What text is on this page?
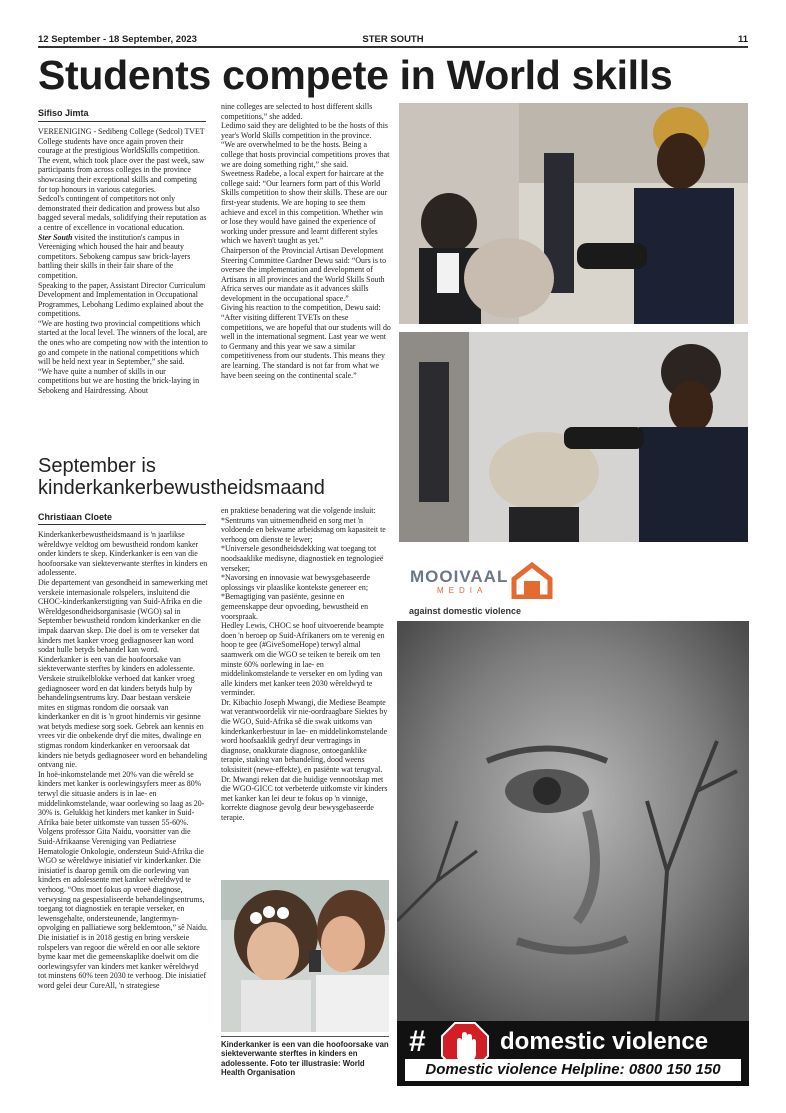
12 September - 18 September, 2023	STER SOUTH	11
Students compete in World skills
Sifiso Jimta

VEREENIGING - Sedibeng College (Sedcol) TVET College students have once again proven their courage at the prestigious WorldSkills competition.

The event, which took place over the past week, saw participants from across colleges in the province showcasing their exceptional skills and competing for top honours in various categories.

Sedcol's contingent of competitors not only demonstrated their dedication and prowess but also bagged several medals, solidifying their reputation as a centre of excellence in vocational education.

Ster South visited the institution's campus in Vereeniging which housed the hair and beauty competitors. Sebokeng campus saw brick-layers battling their skills in their fair share of the competition.

Speaking to the paper, Assistant Director Curriculum Development and Implementation in Occupational Programmes, Lebohang Ledimo explained about the competitions.

“We are hosting two provincial competitions which started at the local level. The winners of the local, are the ones who are competing now with the intention to go and compete in the national competitions which will be held next year in September,” she said.

“We have quite a number of skills in our competitions but we are hosting the brick-laying in Sebokeng and Hairdressing. About

nine colleges are selected to host different skills competitions,” she added.

Ledimo said they are delighted to be the hosts of this year's World Skills competition in the province.

“We are overwhelmed to be the hosts. Being a college that hosts provincial competitions proves that we are doing something right,” she said.

Sweetness Radebe, a local expert for haircare at the college said: “Our learners form part of this World Skills competition to show their skills. These are our first-year students. We are hoping to see them achieve and excel in this competition. Whether win or lose they would have gained the experience of working under pressure and learnt different styles which we haven't taught as yet.”

Chairperson of the Provincial Artisan Development Steering Committee Gardner Dewu said: “Ours is to oversee the implementation and development of Artisans in all provinces and the World Skills South Africa serves our mandate as it advances skills development in the occupational space.”

Giving his reaction to the competition, Dewu said: “After visiting different TVETs on these competitions, we are hopeful that our students will do well in the international segment. Last year we went to Germany and this year we saw a similar competitiveness from our students. This means they are learning. The standard is not far from what we have been seeing on the continental scale.”

September is kinderkankerbewustheidsmaand
Christiaan Cloete

Kinderkankerbewustheidsmaand is 'n jaarlikse wêreldwye veldtog om bewustheid rondom kanker onder kinders te skep. Kinderkanker is een van die hoofoorsake van siekteverwante sterftes in kinders en adolessente.

Die departement van gesondheid in samewerking met verskeie internasionale rolspelers, insluitend die CHOC-kinderkankerstigting van Suid-Afrika en die Wêreldgesondheidsorganisasie (WGO) sal in September bewustheid rondom kinderkanker en die impak daarvan skep. Die doel is om te verseker dat kinders met kanker vroeg gediagnoseer kan word sodat hulle betyds behandel kan word.

Kinderkanker is een van die hoofoorsake van siekteverwante sterftes by kinders en adolessente. Verskeie struikelblokke verhoed dat kanker vroeg gediagnoseer word en dat kinders betyds hulp by behandelingsentrums kry. Daar bestaan verskeie mites en stigmas rondom die oorsaak van kinderkanker en dit is 'n groot hindernis vir gesinne wat betyds mediese sorg soek. Gebrek aan kennis en vrees vir die onbekende dryf die mites, dwalinge en stigmas rondom kinderkanker en veroorsaak dat kinders nie betyds gediagnoseer word en behandeling ontvang nie.

In hoë-inkomstelande met 20% van die wêreld se kinders met kanker is oorlewingsyfers meer as 80% terwyl die situasie anders is in lae- en middelinkomstelande, waar oorlewing so laag as 20-30% is. Gelukkig het kinders met kanker in Suid-Afrika baie beter uitkomste van tussen 55-60%.

Volgens professor Gita Naidu, voorsitter van die Suid-Afrikaanse Vereniging van Pediatriese Hematologie Onkologie, ondersteun Suid-Afrika die WGO se wêreldwye inisiatief vir kinderkanker. Die inisiatief is daarop gemik om die oorlewing van kinders en adolessente met kanker wêreldwyd te verhoog. “Ons moet fokus op vroeë diagnose, verwysing na gespesialiseerde behandelingsentrums, toegang tot diagnostiek en terapie verseker, en lewensgehalte, ondersteunende, langtermyn-opvolging en palliatiewe sorg beklemtoon,” sê Naidu.

Die inisiatief is in 2018 gestig en bring verskeie rolspelers van regoor die wêreld en oor alle sektore byme kaar met die gemeenskaplike doelwit om die oorlewingsyfer van kinders met kanker wêreldwyd tot minstens 60% teen 2030 te verhoog. Die inisiatief word gelei deur CureAll, 'n strategiese

en praktiese benadering wat die volgende insluit:

*Sentrums van uitnemendheid en sorg met 'n voldoende en bekwame arbeidsmag om kapasiteit te verhoog om dienste te lewer;

*Universele gesondheidsdekking wat toegang tot noodsaaklike medisyne, diagnostiek en tegnologieë verseker;

*Navorsing en innovasie wat bewysgebaseerde oplossings vir plaaslike kontekste genereer en;

*Bemagtiging van pasiënte, gesinne en gemeenskappe deur opvoeding, bewustheid en voorspraak.

Hedley Lewis, CHOC se hoof uitvoerende beampte doen 'n beroep op Suid-Afrikaners om te verenig en hoop te gee (#GiveSomeHope) terwyl almal saamwerk om die WGO se teiken te bereik om ten minste 60% oorlewing in lae- en middelinkomstelande te verseker en om lyding van alle kinders met kanker teen 2030 wêreldwyd te verminder.

Dr. Kibachio Joseph Mwangi, die Mediese Beampte wat verantwoordelik vir nie-oordraagbare Siektes by die WGO, Suid-Afrika sê die swak uitkoms van kinderkankerbestuur in lae- en middelinkomstelande word hoofsaaklik gedryf deur vertragings in diagnose, onakkurate diagnose, ontoeganklike terapie, staking van behandeling, dood weens toksisiteit (newe-effekte), en pasiënte wat terugval.

Dr. Mwangi reken dat die huidige vennootskap met die WGO-GICC tot verbeterde uitkomste vir kinders met kanker kan lei deur te fokus op 'n vinnige, korrekte diagnose gevolg deur bewysgebaseerde terapie.

Kinderkanker is een van die hoofoorsake van siekteverwante sterftes in kinders en adolessente. Foto ter illustrasie: World Health Organisation
MOOIVAAL
MEDIA
against domestic violence
#	domestic violence
Domestic violence Helpline: 0800 150 150
